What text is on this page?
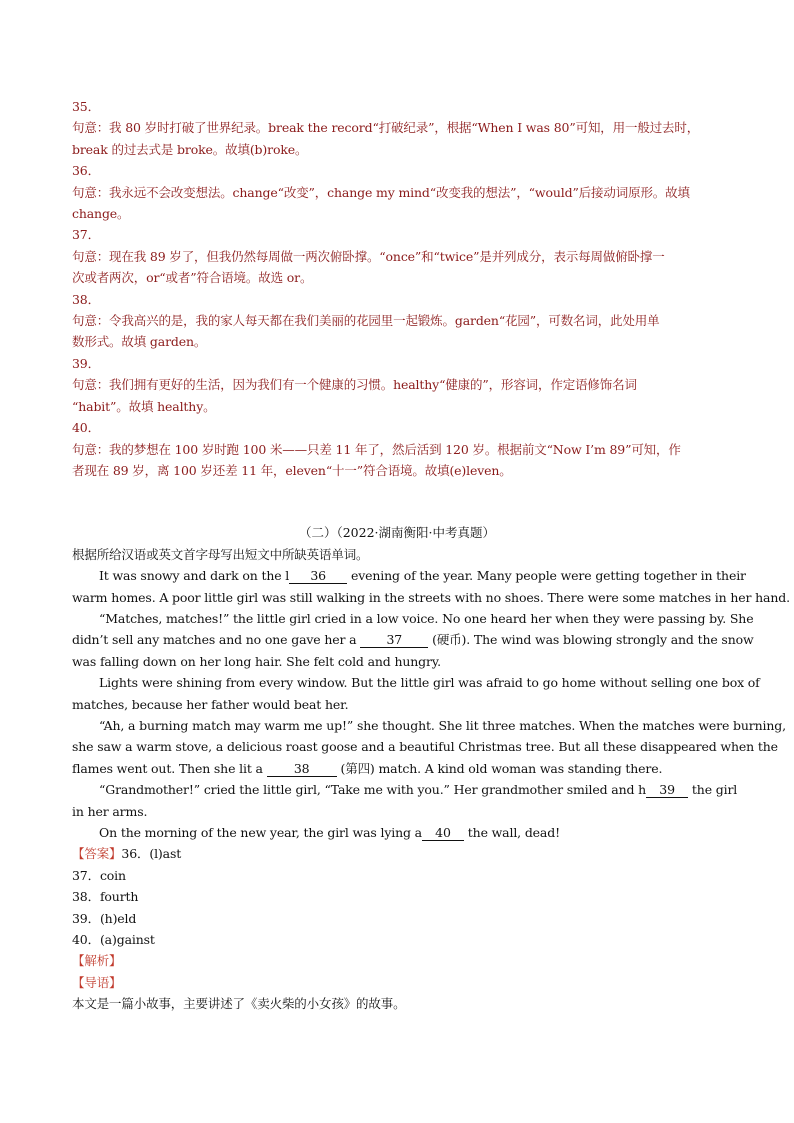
35．
句意：我 80 岁时打破了世界纪录。break the record“打破纪录”，根据“When I was 80”可知，用一般过去时，
break 的过去式是 broke。故填(b)roke。
36．
句意：我永远不会改变想法。change“改变”，change my mind“改变我的想法”，“would”后接动词原形。故填
change。
37．
句意：现在我 89 岁了，但我仍然每周做一两次俯卧撑。“once”和“twice”是并列成分，表示每周做俯卧撑一
次或者两次，or“或者”符合语境。故选 or。
38．
句意：令我高兴的是，我的家人每天都在我们美丽的花园里一起锻炼。garden“花园”，可数名词，此处用单
数形式。故填 garden。
39．
句意：我们拥有更好的生活，因为我们有一个健康的习惯。healthy“健康的”，形容词，作定语修饰名词
“habit”。故填 healthy。
40．
句意：我的梦想在 100 岁时跑 100 米——只差 11 年了，然后活到 120 岁。根据前文“Now I’m 89”可知，作
者现在 89 岁，离 100 岁还差 11 年，eleven“十一”符合语境。故填(e)leven。
（二）（2022·湖南衡阳·中考真题）
根据所给汉语或英文首字母写出短文中所缺英语单词。
It was snowy and dark on the l 36 evening of the year. Many people were getting together in their
warm homes. A poor little girl was still walking in the streets with no shoes. There were some matches in her hand.
“Matches, matches!” the little girl cried in a low voice. No one heard her when they were passing by. She
didn’t sell any matches and no one gave her a 37 (硬币). The wind was blowing strongly and the snow
was falling down on her long hair. She felt cold and hungry.
Lights were shining from every window. But the little girl was afraid to go home without selling one box of
matches, because her father would beat her.
“Ah, a burning match may warm me up!” she thought. She lit three matches. When the matches were burning,
she saw a warm stove, a delicious roast goose and a beautiful Christmas tree. But all these disappeared when the
flames went out. Then she lit a 38 (第四) match. A kind old woman was standing there.
“Grandmother!” cried the little girl, “Take me with you.” Her grandmother smiled and h 39 the girl
in her arms.
On the morning of the new year, the girl was lying a 40 the wall, dead!
【答案】36．(l)ast
37．coin
38．fourth
39．(h)eld
40．(a)gainst
【解析】
【导语】
本文是一篇小故事，主要讲述了《卖火柴的小女孩》的故事。
